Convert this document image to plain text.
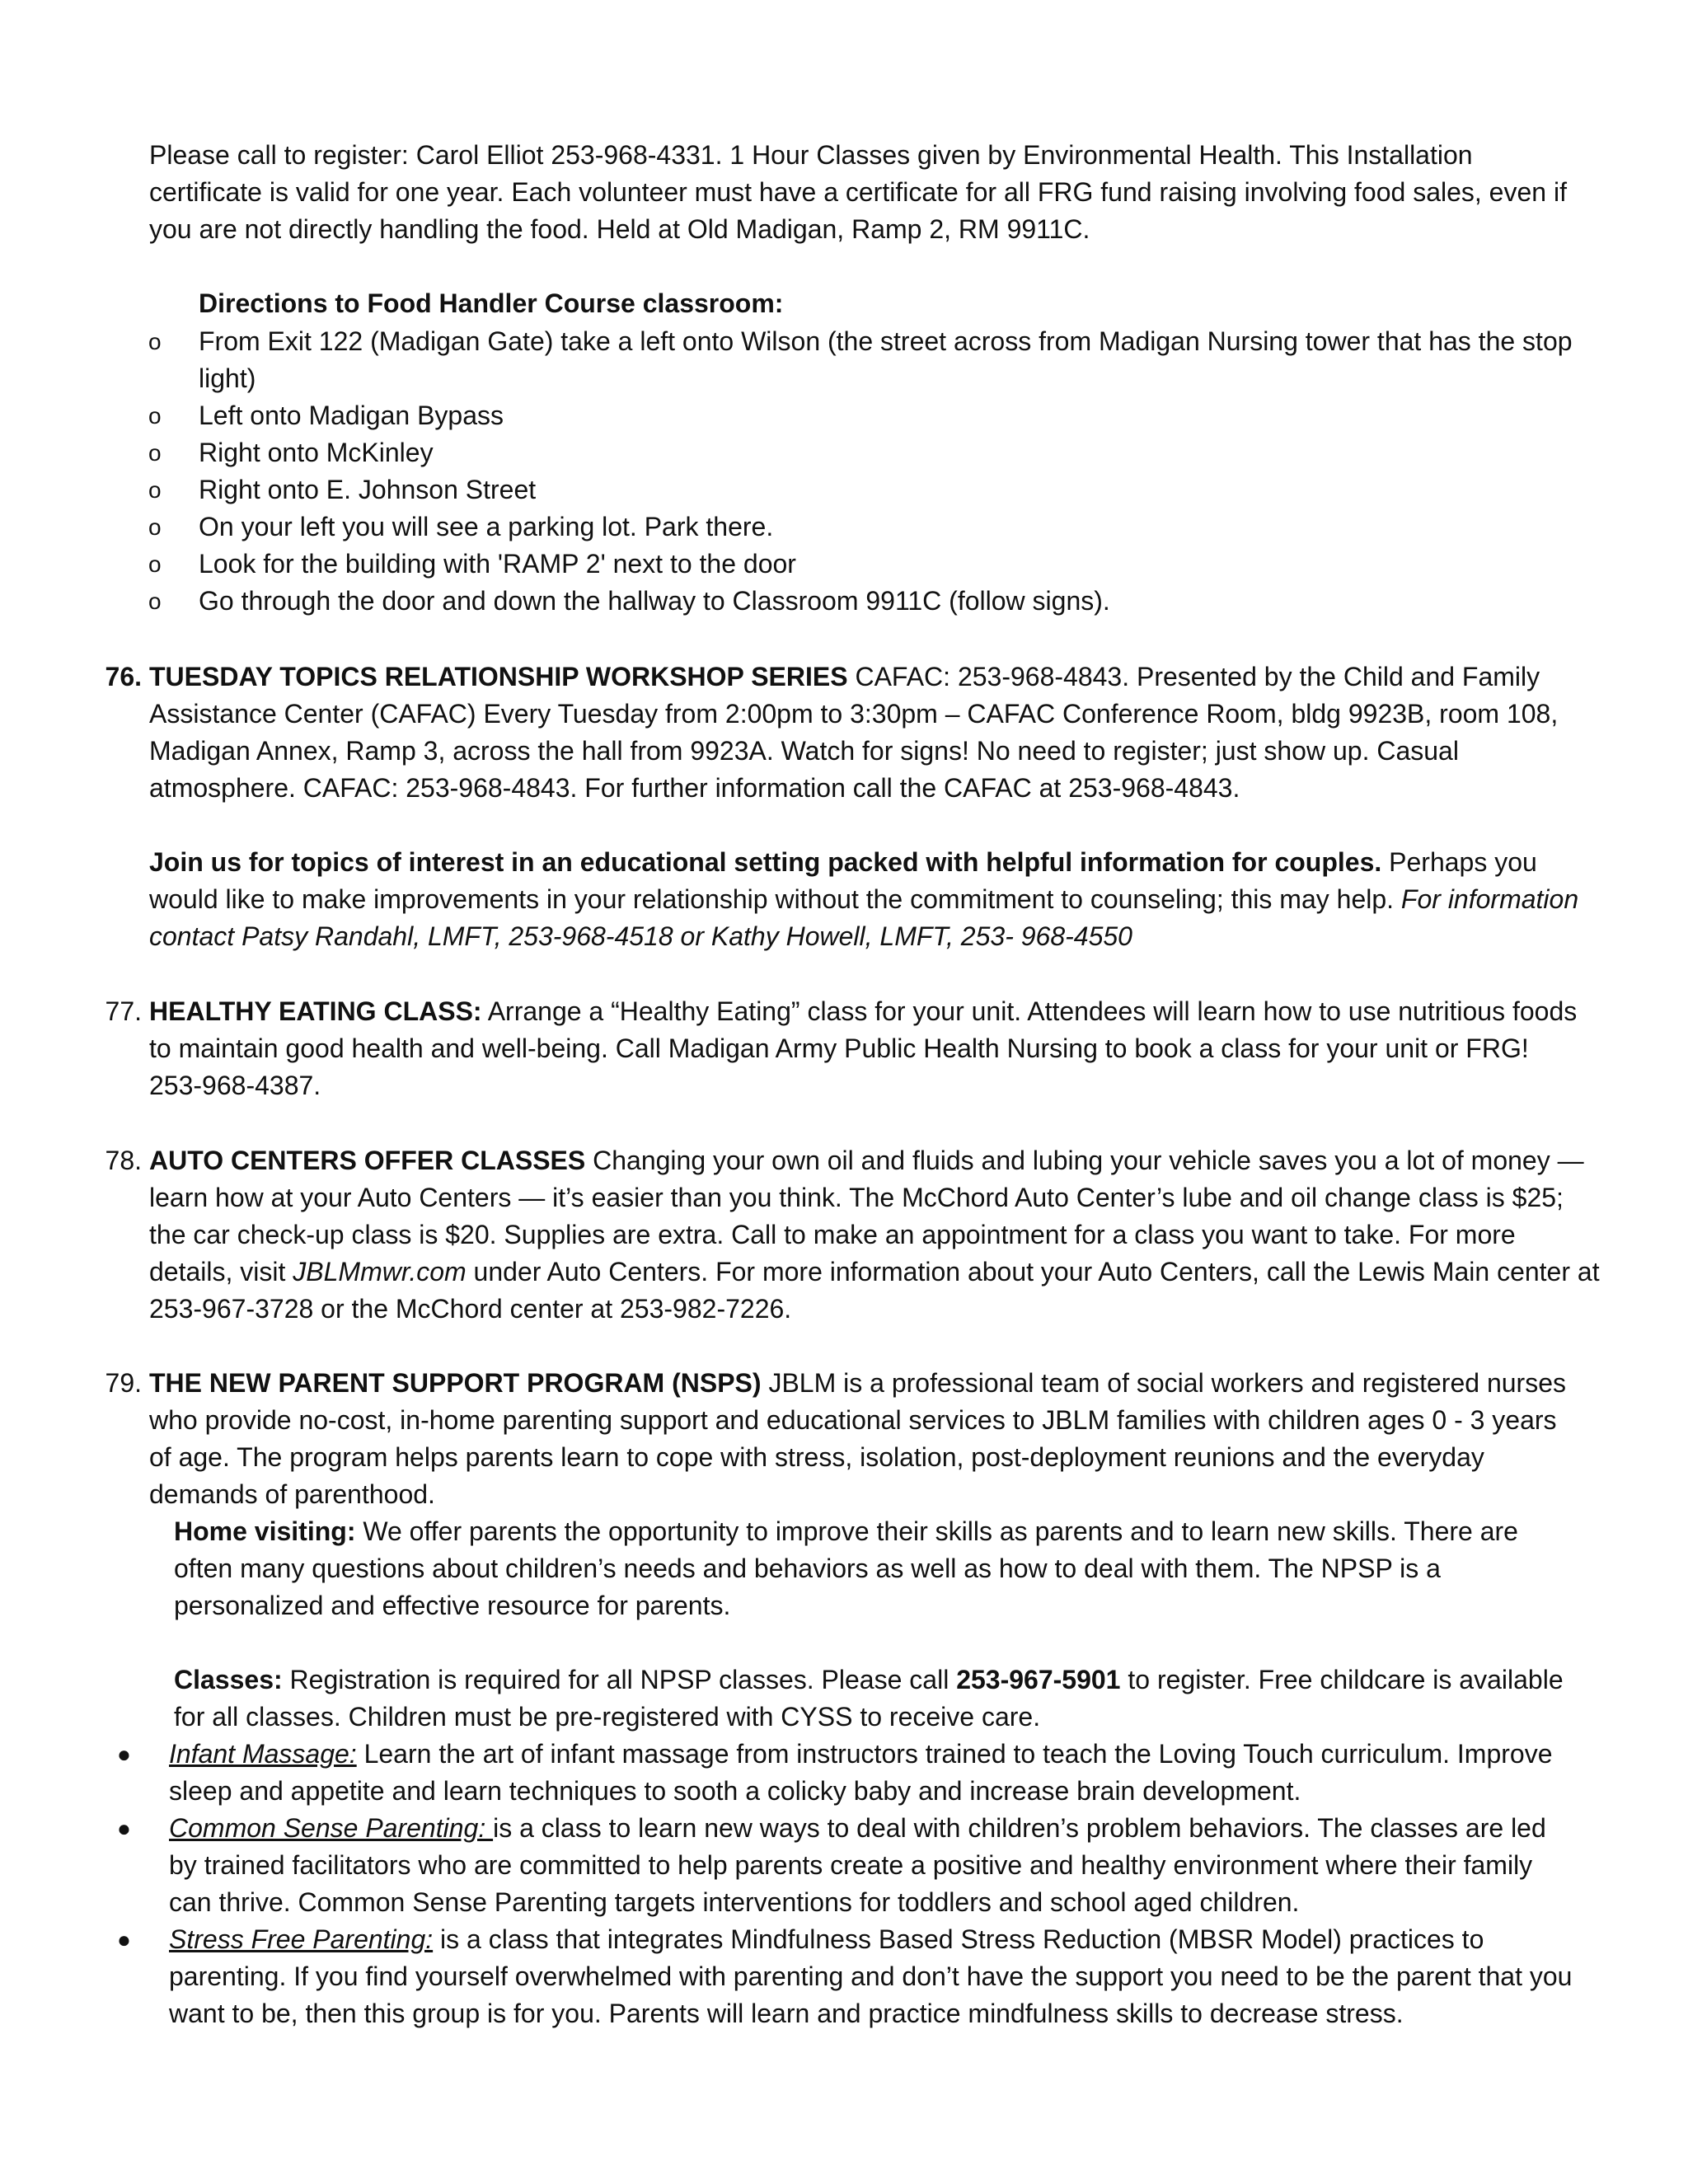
Please call to register: Carol Elliot 253-968-4331. 1 Hour Classes given by Environmental Health. This Installation certificate is valid for one year. Each volunteer must have a certificate for all FRG fund raising involving food sales, even if you are not directly handling the food. Held at Old Madigan, Ramp 2, RM 9911C.

Directions to Food Handler Course classroom:

o From Exit 122 (Madigan Gate) take a left onto Wilson (the street across from Madigan Nursing tower that has the stop light)

o Left onto Madigan Bypass

o Right onto McKinley

o Right onto E. Johnson Street

o On your left you will see a parking lot. Park there.

o Look for the building with 'RAMP 2' next to the door

o Go through the door and down the hallway to Classroom 9911C (follow signs).

76. TUESDAY TOPICS RELATIONSHIP WORKSHOP SERIES CAFAC: 253-968-4843. Presented by the Child and Family Assistance Center (CAFAC) Every Tuesday from 2:00pm to 3:30pm – CAFAC Conference Room, bldg 9923B, room 108, Madigan Annex, Ramp 3, across the hall from 9923A. Watch for signs! No need to register; just show up. Casual atmosphere. CAFAC: 253-968-4843. For further information call the CAFAC at 253-968-4843.

Join us for topics of interest in an educational setting packed with helpful information for couples. Perhaps you would like to make improvements in your relationship without the commitment to counseling; this may help. For information contact Patsy Randahl, LMFT, 253-968-4518 or Kathy Howell, LMFT, 253- 968-4550

77. HEALTHY EATING CLASS: Arrange a “Healthy Eating” class for your unit. Attendees will learn how to use nutritious foods to maintain good health and well-being. Call Madigan Army Public Health Nursing to book a class for your unit or FRG! 253-968-4387.

78. AUTO CENTERS OFFER CLASSES Changing your own oil and fluids and lubing your vehicle saves you a lot of money — learn how at your Auto Centers — it’s easier than you think. The McChord Auto Center’s lube and oil change class is $25; the car check-up class is $20. Supplies are extra. Call to make an appointment for a class you want to take. For more details, visit JBLMmwr.com under Auto Centers. For more information about your Auto Centers, call the Lewis Main center at 253-967-3728 or the McChord center at 253-982-7226.

79. THE NEW PARENT SUPPORT PROGRAM (NSPS) JBLM is a professional team of social workers and registered nurses who provide no-cost, in-home parenting support and educational services to JBLM families with children ages 0 - 3 years of age. The program helps parents learn to cope with stress, isolation, post-deployment reunions and the everyday demands of parenthood.

Home visiting: We offer parents the opportunity to improve their skills as parents and to learn new skills. There are often many questions about children’s needs and behaviors as well as how to deal with them. The NPSP is a personalized and effective resource for parents.

Classes: Registration is required for all NPSP classes. Please call 253-967-5901 to register. Free childcare is available for all classes. Children must be pre-registered with CYSS to receive care.

● Infant Massage: Learn the art of infant massage from instructors trained to teach the Loving Touch curriculum. Improve sleep and appetite and learn techniques to sooth a colicky baby and increase brain development.

● Common Sense Parenting: is a class to learn new ways to deal with children’s problem behaviors. The classes are led by trained facilitators who are committed to help parents create a positive and healthy environment where their family can thrive. Common Sense Parenting targets interventions for toddlers and school aged children.

● Stress Free Parenting: is a class that integrates Mindfulness Based Stress Reduction (MBSR Model) practices to parenting. If you find yourself overwhelmed with parenting and don’t have the support you need to be the parent that you want to be, then this group is for you. Parents will learn and practice mindfulness skills to decrease stress.
